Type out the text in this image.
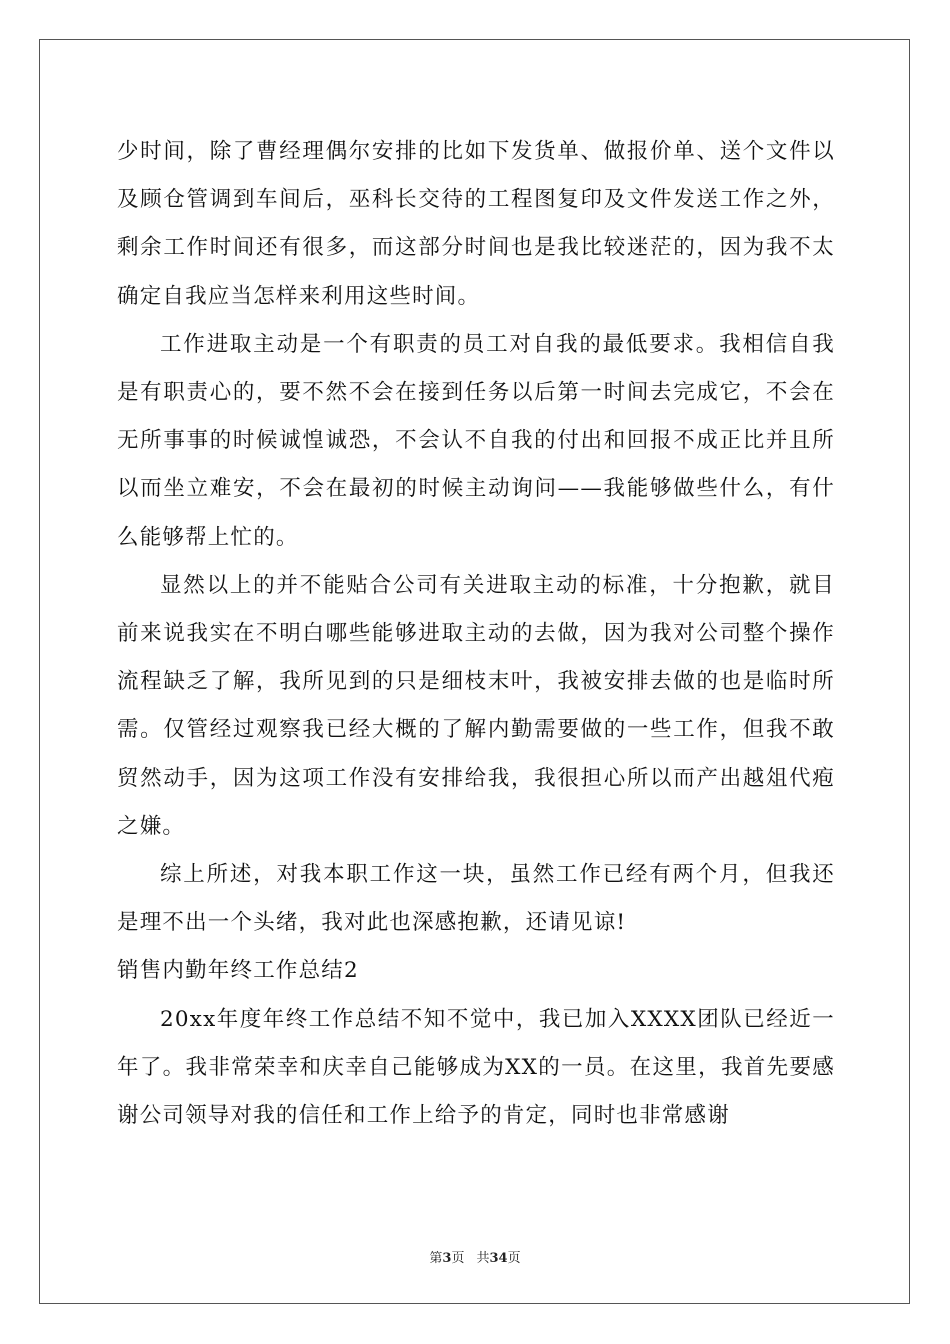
少时间，除了曹经理偶尔安排的比如下发货单、做报价单、送个文件以及顾仓管调到车间后，巫科长交待的工程图复印及文件发送工作之外，剩余工作时间还有很多，而这部分时间也是我比较迷茫的，因为我不太确定自我应当怎样来利用这些时间。

工作进取主动是一个有职责的员工对自我的最低要求。我相信自我是有职责心的，要不然不会在接到任务以后第一时间去完成它，不会在无所事事的时候诚惶诚恐，不会认不自我的付出和回报不成正比并且所以而坐立难安，不会在最初的时候主动询问——我能够做些什么，有什么能够帮上忙的。

显然以上的并不能贴合公司有关进取主动的标准，十分抱歉，就目前来说我实在不明白哪些能够进取主动的去做，因为我对公司整个操作流程缺乏了解，我所见到的只是细枝末叶，我被安排去做的也是临时所需。仅管经过观察我已经大概的了解内勤需要做的一些工作，但我不敢贸然动手，因为这项工作没有安排给我，我很担心所以而产出越俎代疱之嫌。

综上所述，对我本职工作这一块，虽然工作已经有两个月，但我还是理不出一个头绪，我对此也深感抱歉，还请见谅!

销售内勤年终工作总结2

20xx年度年终工作总结不知不觉中，我已加入XXXX团队已经近一年了。我非常荣幸和庆幸自己能够成为XX的一员。在这里，我首先要感谢公司领导对我的信任和工作上给予的肯定，同时也非常感谢

第3页 共34页
